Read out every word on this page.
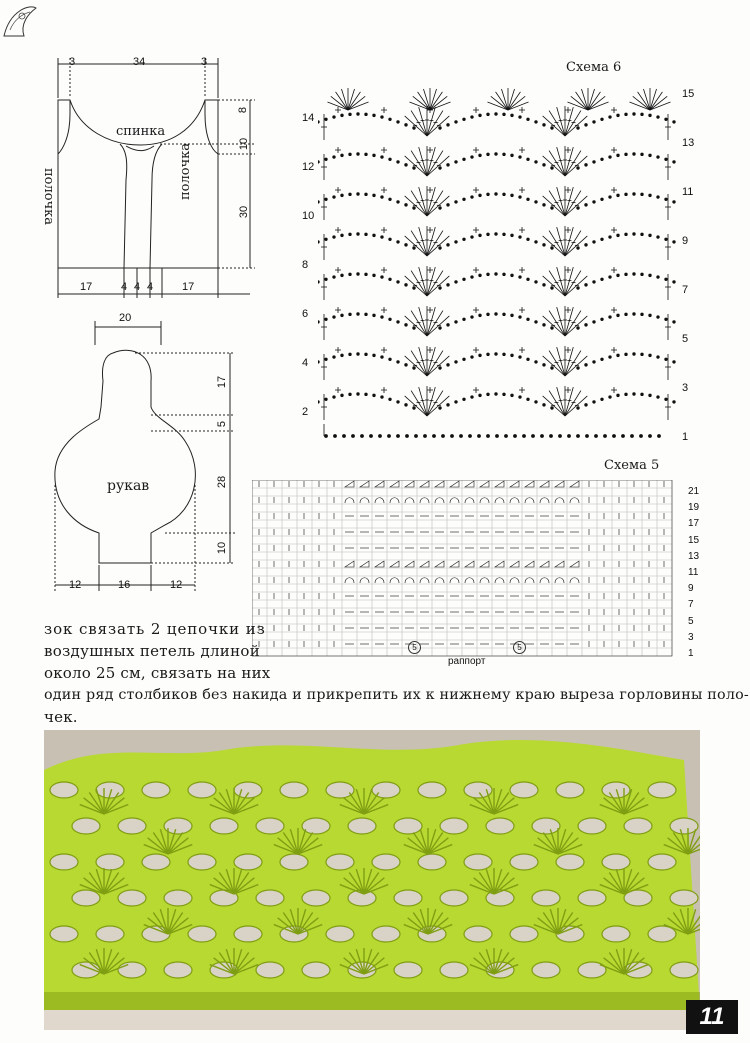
3	34	3
8
10
30
17	4 4 4	17
спинка
полочка	полочка
20
17
5
28
10
12	16	12
рукав
Схема 6
14
12
10
8
6
4
2
15
13
11
9
7
5
3
1
Схема 5
21
19
17
15
13
11
9
7
5
3
1
5	5
раппорт
зок связать 2 цепочки из
воздушных петель длиной
около 25 см, связать на них
один ряд столбиков без накида и прикрепить их к нижнему краю выреза горловины поло-
чек.
11
